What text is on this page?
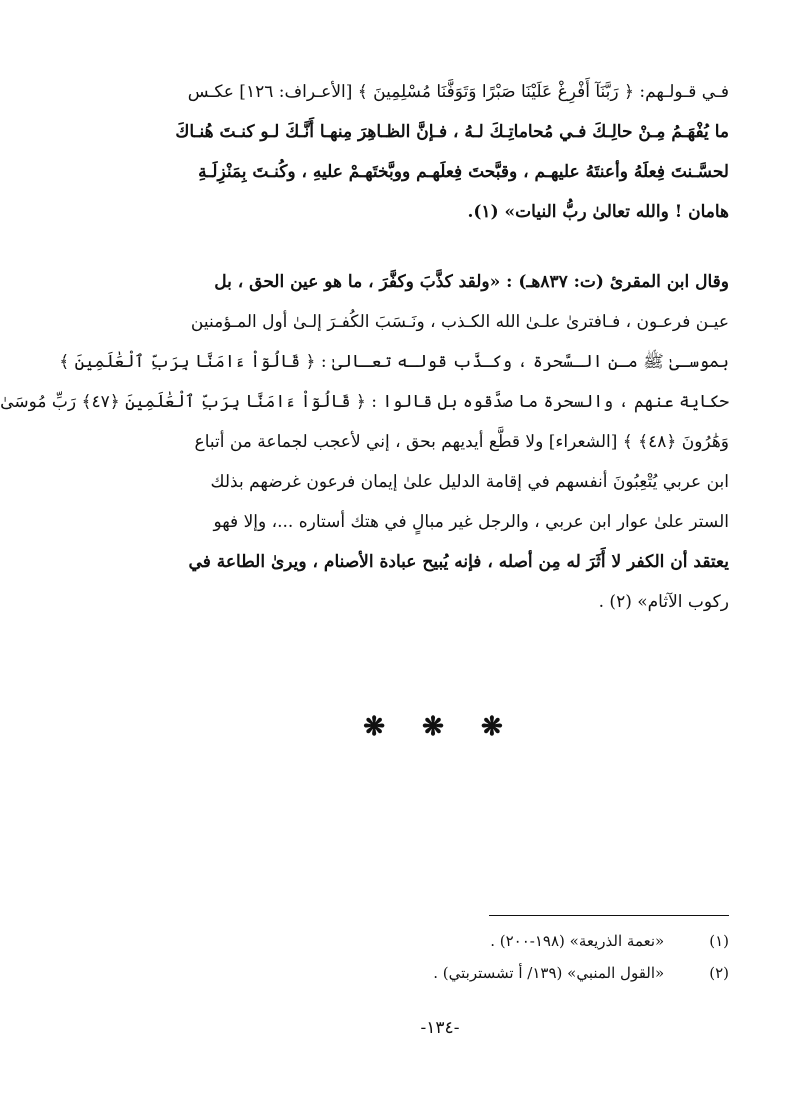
فـي قـولـهم: ﴿ رَبَّنَآ أَفْرِغْ عَلَيْنَا صَبْرًا وَتَوَفَّنَا مُسْلِمِينَ ﴾ [الأعـراف: ١٢٦] عكـس
ما يُفْهَـمُ مِـنْ حالِـكَ فـي مُحاماتِـكَ لـهُ ، فـإنَّ الظـاهِرَ مِنهـا أَنَّـكَ لـو كنـتَ هُنـاكَ
لحسَّـنتَ فِعلَهُ وأعنتَهُ عليهـم ، وقبَّحتَ فِعلَهـم ووبَّختَهـمْ عليهِ ، وكُنـتَ بِمَنْزِلَـةِ
هامان ! والله تعالىٰ ربُّ النيات» (١).
وقال ابن المقرئ (ت: ٨٣٧هـ) : «ولقد كذَّبَ وكفَّرَ ، ما هو عين الحق ، بل
عيـن فرعـون ، فـافترىٰ علـىٰ الله الكـذب ، ونَـسَبَ الكُفـرَ إلـىٰ أول المـؤمنين
بموسـىٰ ﷺ مـن الـسَّحرة ، وكـذَّب قولـه تعـالىٰ : ﴿ قَالُوٓاْ ءَامَنَّا بِرَبِّ ٱلْعَٰلَمِينَ ﴾
حكاية عنهم ، والسحرة ما صدَّقوه بل قالوا : ﴿ قَالُوٓاْ ءَامَنَّا بِرَبِّ ٱلْعَٰلَمِينَ ﴿٤٧﴾ رَبِّ مُوسَىٰ
وَهَٰرُونَ ﴿٤٨﴾ ﴾ [الشعراء] ولا قطَّع أيديهم بحق ، إني لأعجب لجماعة من أتباع
ابن عربي يُتْعِبُونَ أنفسهم في إقامة الدليل علىٰ إيمان فرعون غرضهم بذلك
الستر علىٰ عوار ابن عربي ، والرجل غير مبالٍ في هتك أستاره ...، وإلا فهو
يعتقد أن الكفر لا أَثَرَ له مِن أصله ، فإنه يُبيح عبادة الأصنام ، ويرىٰ الطاعة في
ركوب الآثام» (٢) .
❋ ❋ ❋
(١) «نعمة الذريعة» (١٩٨-٢٠٠) .
(٢) «القول المنبي» (١٣٩/ أ تشستربتي) .
-١٣٤-
